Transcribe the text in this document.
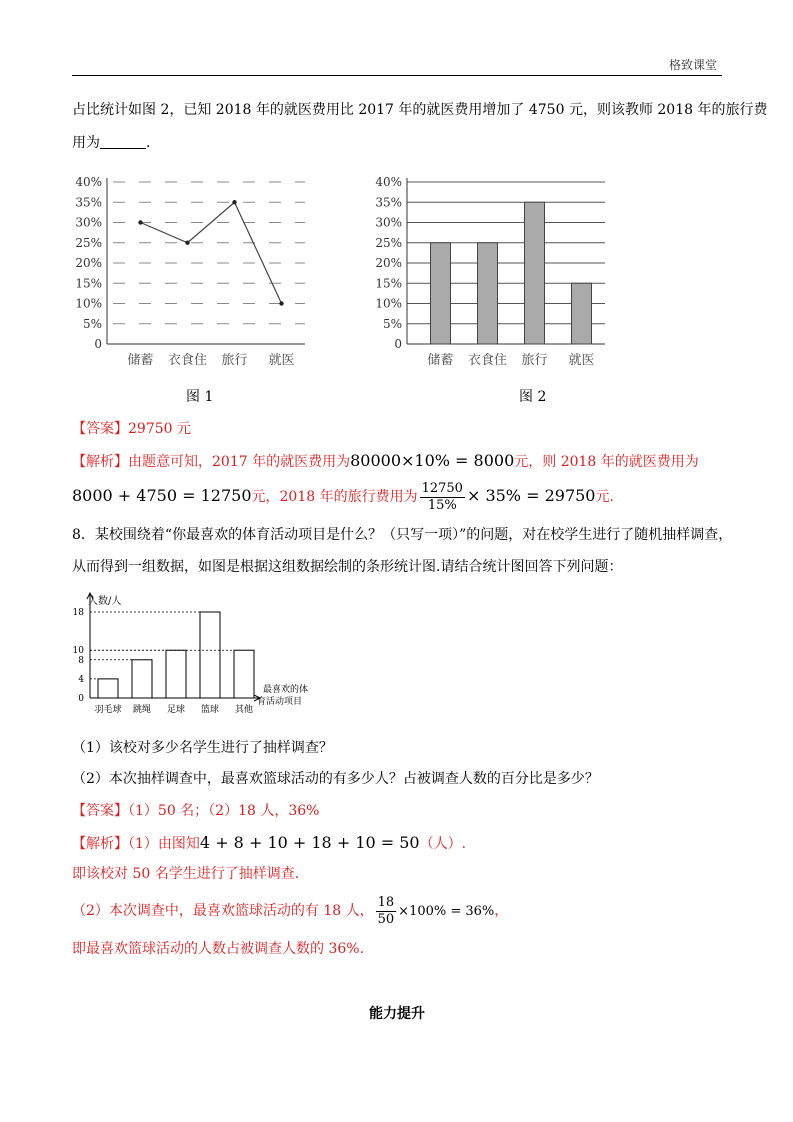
格致课堂
占比统计如图 2，已知 2018 年的就医费用比 2017 年的就医费用增加了 4750 元，则该教师 2018 年的旅行费
用为	.
40%
35%
30%
25%
20%
15%
10%
5%
0
储蓄 衣食住 旅行 就医
40%
35%
30%
25%
20%
15%
10%
5%
0
储蓄 衣食住 旅行 就医
图 1	图 2
【答案】29750 元
【解析】由题意可知，2017 年的就医费用为80000×10% = 8000元，则 2018 年的就医费用为
8000 + 4750 = 12750元，2018 年的旅行费用为 $\frac{12750}{15\%} \times 35\% = 29750$元.
8．某校围绕着“你最喜欢的体育活动项目是什么？（只写一项）”的问题，对在校学生进行了随机抽样调查，
从而得到一组数据，如图是根据这组数据绘制的条形统计图.请结合统计图回答下列问题：
人数/人
最喜欢的体
育活动项目
18
10
8
4
0
羽毛球 跳绳 足球 篮球 其他
（1）该校对多少名学生进行了抽样调查？
（2）本次抽样调查中，最喜欢篮球活动的有多少人？占被调查人数的百分比是多少？
【答案】（1）50 名；（2）18 人，36%
【解析】（1）由图知4 + 8 + 10 + 18 + 10 = 50（人）.
即该校对 50 名学生进行了抽样调查.
（2）本次调查中，最喜欢篮球活动的有 18 人， $\frac{18}{50} \times 100\% = 36\%$，
即最喜欢篮球活动的人数占被调查人数的 36%.
能力提升
